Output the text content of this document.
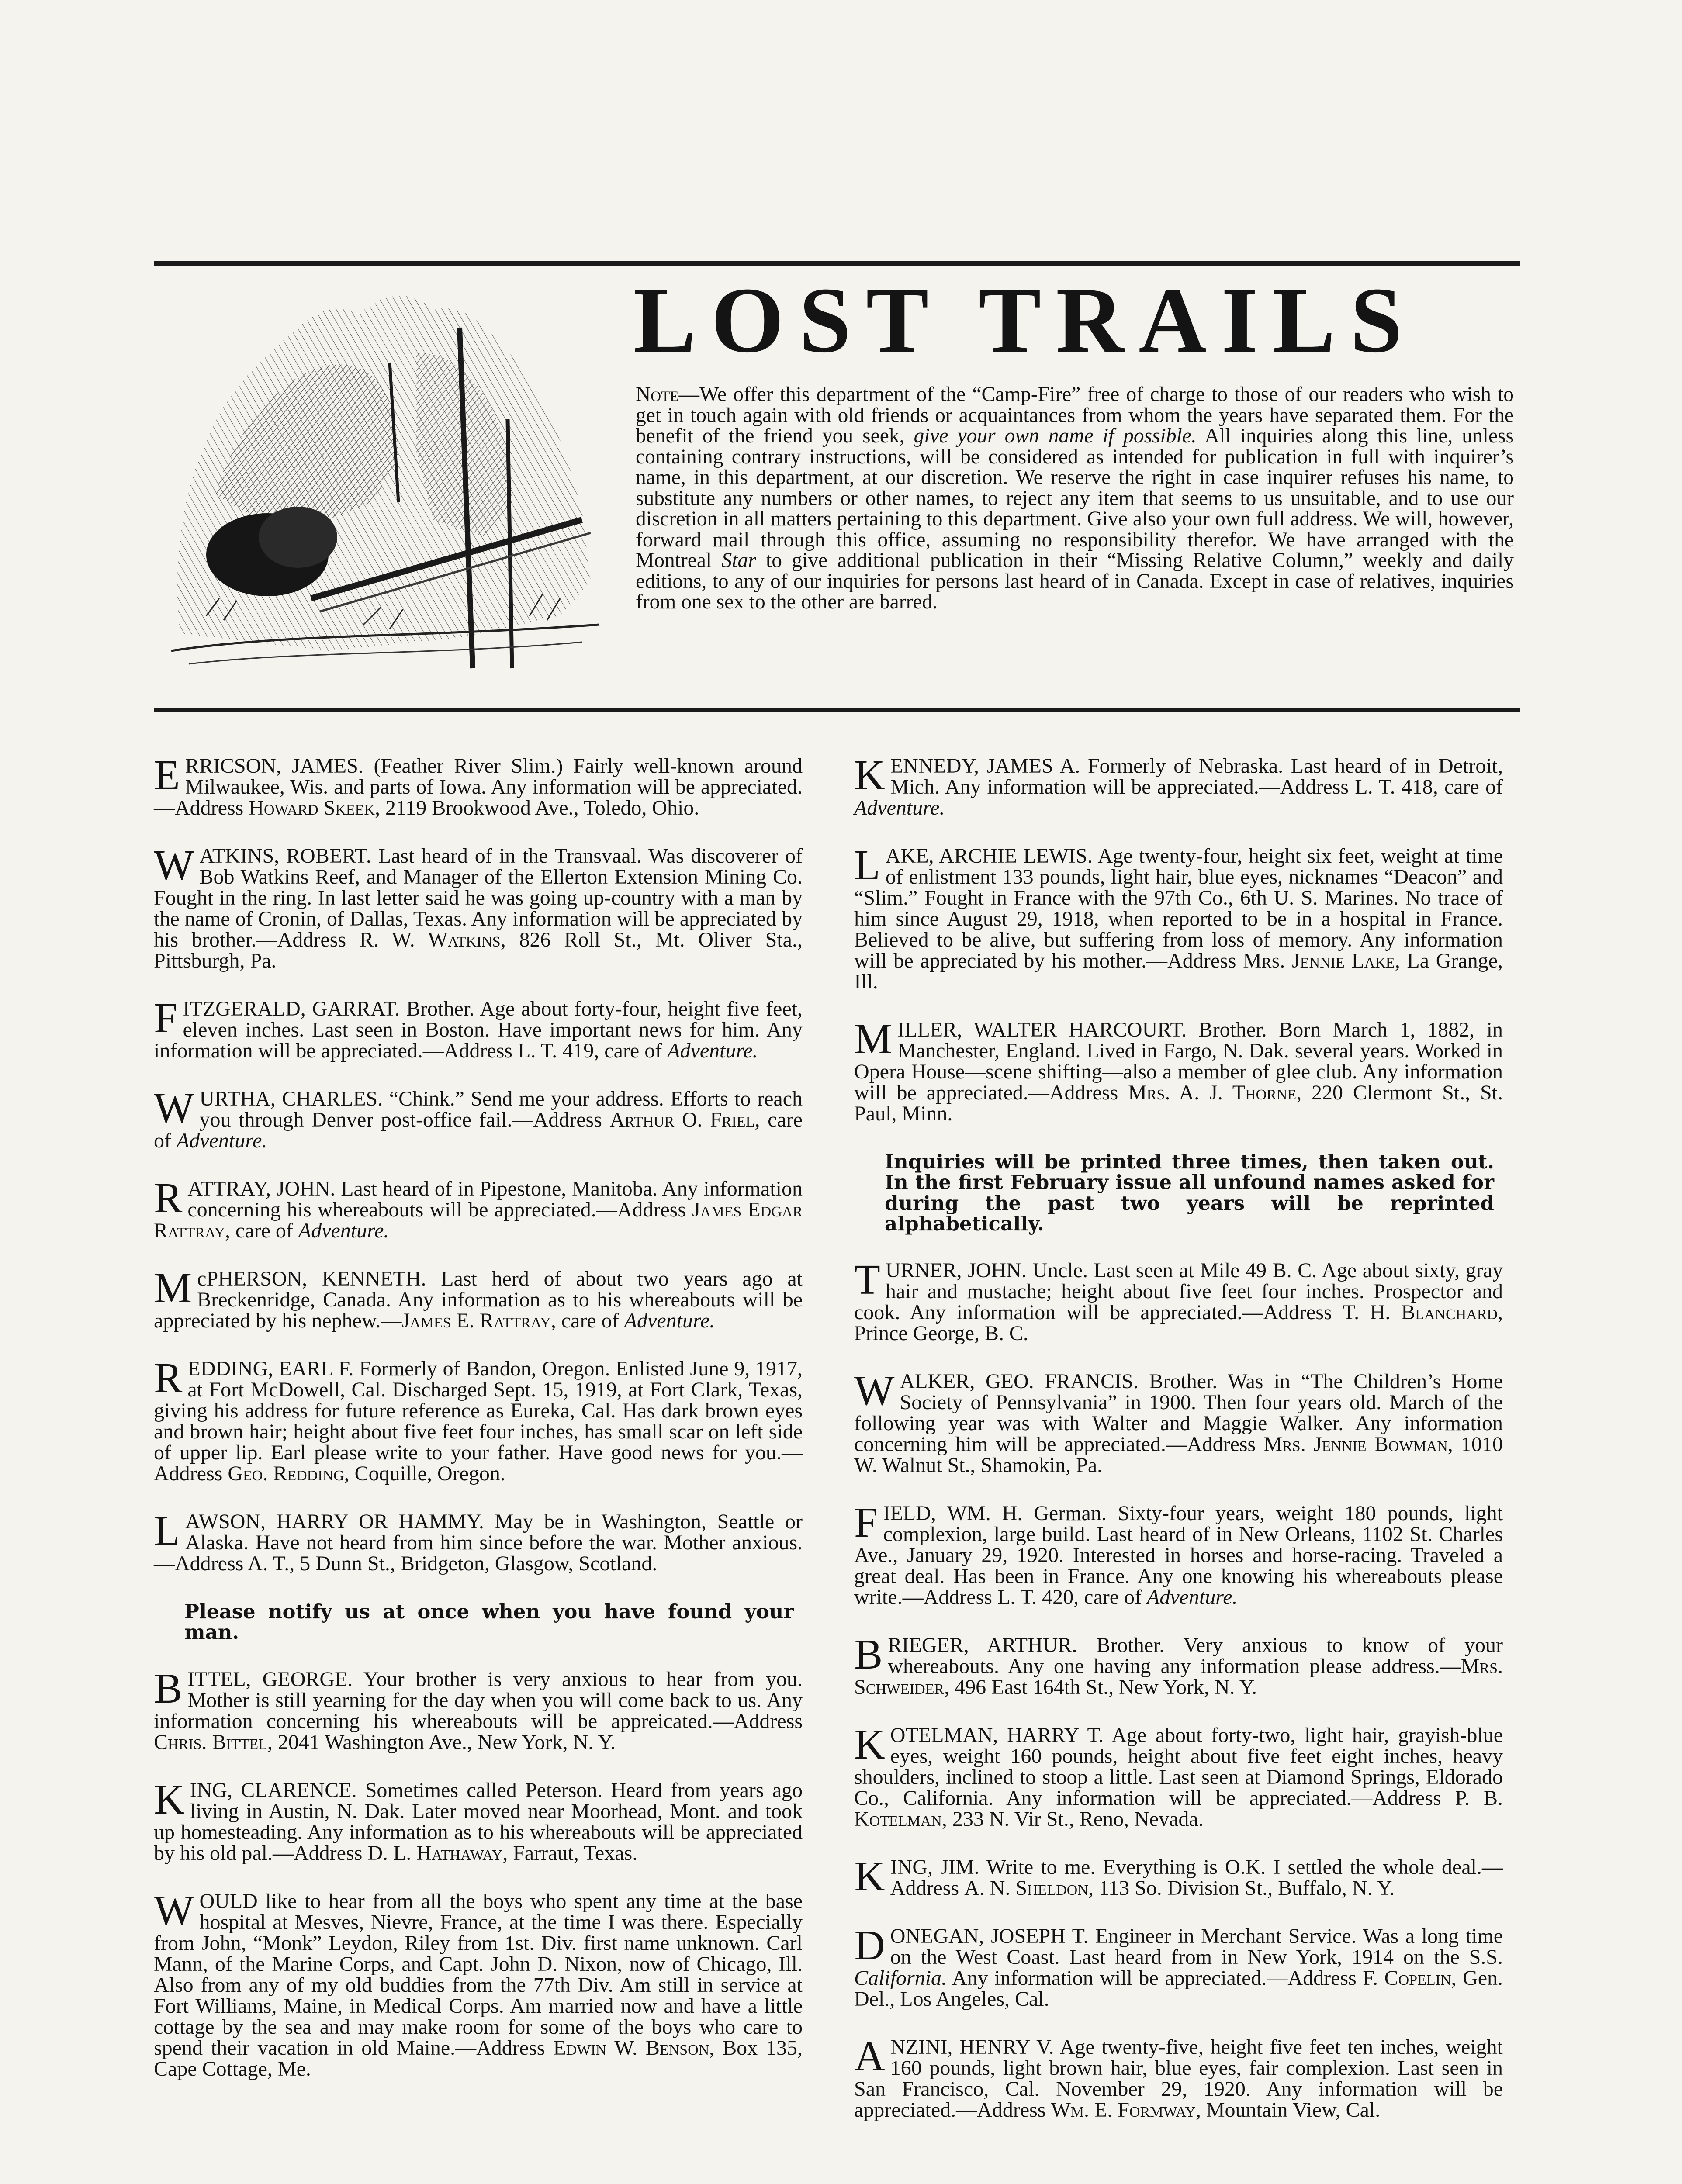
LOST TRAILS

Note—We offer this department of the “Camp-Fire” free of charge to those of our readers who wish to get in touch again with old friends or acquaintances from whom the years have separated them. For the benefit of the friend you seek, give your own name if possible. All inquiries along this line, unless containing contrary instructions, will be considered as intended for publication in full with inquirer’s name, in this department, at our discretion. We reserve the right in case inquirer refuses his name, to substitute any numbers or other names, to reject any item that seems to us unsuitable, and to use our discretion in all matters pertaining to this department. Give also your own full address. We will, however, forward mail through this office, assuming no responsibility therefor. We have arranged with the Montreal Star to give additional publication in their “Missing Relative Column,” weekly and daily editions, to any of our inquiries for persons last heard of in Canada. Except in case of relatives, inquiries from one sex to the other are barred.

ERRICSON, JAMES. (Feather River Slim.) Fairly well-known around Milwaukee, Wis. and parts of Iowa. Any information will be appreciated.—Address Howard Skeek, 2119 Brookwood Ave., Toledo, Ohio.

WATKINS, ROBERT. Last heard of in the Transvaal. Was discoverer of Bob Watkins Reef, and Manager of the Ellerton Extension Mining Co. Fought in the ring. In last letter said he was going up-country with a man by the name of Cronin, of Dallas, Texas. Any information will be appreciated by his brother.—Address R. W. Watkins, 826 Roll St., Mt. Oliver Sta., Pittsburgh, Pa.

FITZGERALD, GARRAT. Brother. Age about forty-four, height five feet, eleven inches. Last seen in Boston. Have important news for him. Any information will be appreciated.—Address L. T. 419, care of Adventure.

WURTHA, CHARLES. “Chink.” Send me your address. Efforts to reach you through Denver post-office fail.—Address Arthur O. Friel, care of Adventure.

RATTRAY, JOHN. Last heard of in Pipestone, Manitoba. Any information concerning his whereabouts will be appreciated.—Address James Edgar Rattray, care of Adventure.

McPHERSON, KENNETH. Last herd of about two years ago at Breckenridge, Canada. Any information as to his whereabouts will be appreciated by his nephew.—James E. Rattray, care of Adventure.

REDDING, EARL F. Formerly of Bandon, Oregon. Enlisted June 9, 1917, at Fort McDowell, Cal. Discharged Sept. 15, 1919, at Fort Clark, Texas, giving his address for future reference as Eureka, Cal. Has dark brown eyes and brown hair; height about five feet four inches, has small scar on left side of upper lip. Earl please write to your father. Have good news for you.—Address Geo. Redding, Coquille, Oregon.

LAWSON, HARRY OR HAMMY. May be in Washington, Seattle or Alaska. Have not heard from him since before the war. Mother anxious.—Address A. T., 5 Dunn St., Bridgeton, Glasgow, Scotland.

Please notify us at once when you have found your man.

BITTEL, GEORGE. Your brother is very anxious to hear from you. Mother is still yearning for the day when you will come back to us. Any information concerning his whereabouts will be appreicated.—Address Chris. Bittel, 2041 Washington Ave., New York, N. Y.

KING, CLARENCE. Sometimes called Peterson. Heard from years ago living in Austin, N. Dak. Later moved near Moorhead, Mont. and took up homesteading. Any information as to his whereabouts will be appreciated by his old pal.—Address D. L. Hathaway, Farraut, Texas.

WOULD like to hear from all the boys who spent any time at the base hospital at Mesves, Nievre, France, at the time I was there. Especially from John, “Monk” Leydon, Riley from 1st. Div. first name unknown. Carl Mann, of the Marine Corps, and Capt. John D. Nixon, now of Chicago, Ill. Also from any of my old buddies from the 77th Div. Am still in service at Fort Williams, Maine, in Medical Corps. Am married now and have a little cottage by the sea and may make room for some of the boys who care to spend their vacation in old Maine.—Address Edwin W. Benson, Box 135, Cape Cottage, Me.

KENNEDY, JAMES A. Formerly of Nebraska. Last heard of in Detroit, Mich. Any information will be appreciated.—Address L. T. 418, care of Adventure.

LAKE, ARCHIE LEWIS. Age twenty-four, height six feet, weight at time of enlistment 133 pounds, light hair, blue eyes, nicknames “Deacon” and “Slim.” Fought in France with the 97th Co., 6th U. S. Marines. No trace of him since August 29, 1918, when reported to be in a hospital in France. Believed to be alive, but suffering from loss of memory. Any information will be appreciated by his mother.—Address Mrs. Jennie Lake, La Grange, Ill.

MILLER, WALTER HARCOURT. Brother. Born March 1, 1882, in Manchester, England. Lived in Fargo, N. Dak. several years. Worked in Opera House—scene shifting—also a member of glee club. Any information will be appreciated.—Address Mrs. A. J. Thorne, 220 Clermont St., St. Paul, Minn.

Inquiries will be printed three times, then taken out. In the first February issue all unfound names asked for during the past two years will be reprinted alphabetically.

TURNER, JOHN. Uncle. Last seen at Mile 49 B. C. Age about sixty, gray hair and mustache; height about five feet four inches. Prospector and cook. Any information will be appreciated.—Address T. H. Blanchard, Prince George, B. C.

WALKER, GEO. FRANCIS. Brother. Was in “The Children’s Home Society of Pennsylvania” in 1900. Then four years old. March of the following year was with Walter and Maggie Walker. Any information concerning him will be appreciated.—Address Mrs. Jennie Bowman, 1010 W. Walnut St., Shamokin, Pa.

FIELD, WM. H. German. Sixty-four years, weight 180 pounds, light complexion, large build. Last heard of in New Orleans, 1102 St. Charles Ave., January 29, 1920. Interested in horses and horse-racing. Traveled a great deal. Has been in France. Any one knowing his whereabouts please write.—Address L. T. 420, care of Adventure.

BRIEGER, ARTHUR. Brother. Very anxious to know of your whereabouts. Any one having any information please address.—Mrs. Schweider, 496 East 164th St., New York, N. Y.

KOTELMAN, HARRY T. Age about forty-two, light hair, grayish-blue eyes, weight 160 pounds, height about five feet eight inches, heavy shoulders, inclined to stoop a little. Last seen at Diamond Springs, Eldorado Co., California. Any information will be appreciated.—Address P. B. Kotelman, 233 N. Vir St., Reno, Nevada.

KING, JIM. Write to me. Everything is O.K. I settled the whole deal.—Address A. N. Sheldon, 113 So. Division St., Buffalo, N. Y.

DONEGAN, JOSEPH T. Engineer in Merchant Service. Was a long time on the West Coast. Last heard from in New York, 1914 on the S.S. California. Any information will be appreciated.—Address F. Copelin, Gen. Del., Los Angeles, Cal.

ANZINI, HENRY V. Age twenty-five, height five feet ten inches, weight 160 pounds, light brown hair, blue eyes, fair complexion. Last seen in San Francisco, Cal. November 29, 1920. Any information will be appreciated.—Address Wm. E. Formway, Mountain View, Cal.
